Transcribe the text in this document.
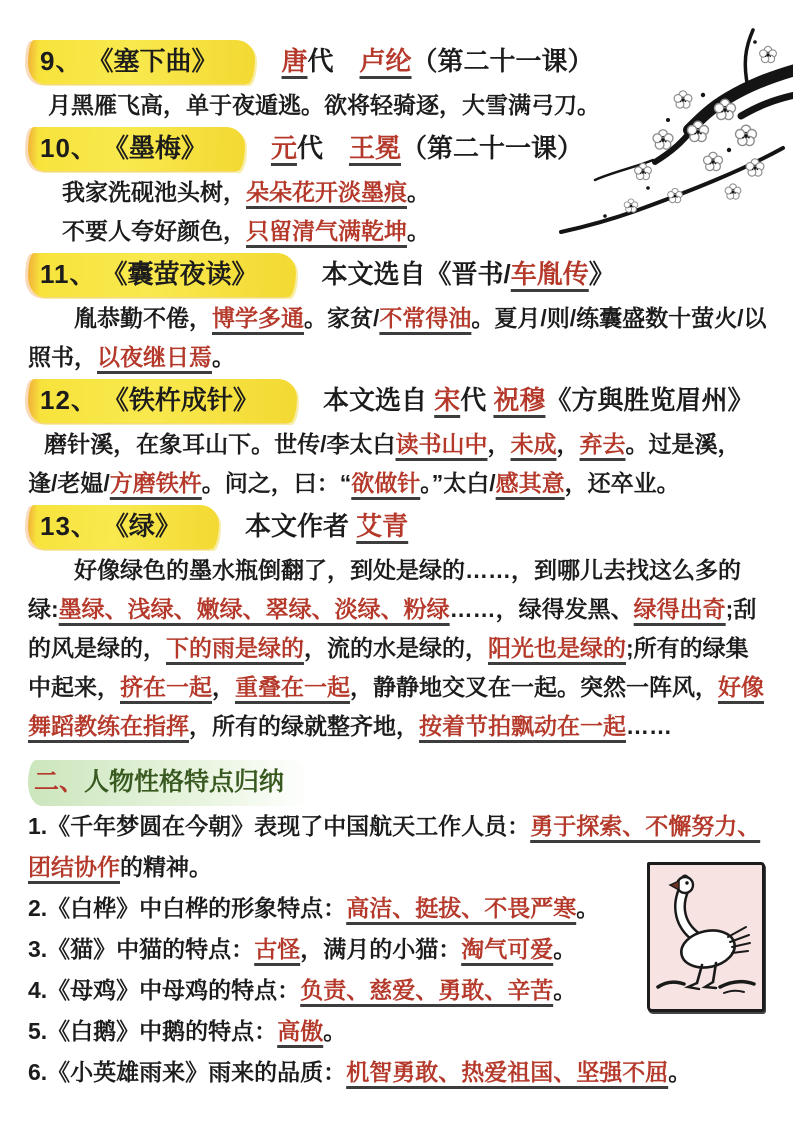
9、 《塞下曲》 唐代　卢纶（第二十一课）
月黑雁飞高，单于夜遁逃。欲将轻骑逐，大雪满弓刀。
10、 《墨梅》 元代　王冕（第二十一课）
我家洗砚池头树，朵朵花开淡墨痕。
不要人夸好颜色，只留清气满乾坤。
11、 《囊萤夜读》 本文选自《晋书/车胤传》
胤恭勤不倦，博学多通。家贫/不常得油。夏月/则/练囊盛数十萤火/以照书，以夜继日焉。
12、 《铁杵成针》 本文选自 宋代 祝穆《方與胜览眉州》
磨针溪，在象耳山下。世传/李太白读书山中，未成，弃去。过是溪，逢/老媪/方磨铁杵。问之，曰：“欲做针。”太白/感其意，还卒业。
13、 《绿》 本文作者 艾青
好像绿色的墨水瓶倒翻了，到处是绿的……，到哪儿去找这么多的绿:墨绿、浅绿、嫩绿、翠绿、淡绿、粉绿……，绿得发黑、绿得出奇;刮的风是绿的，下的雨是绿的，流的水是绿的，阳光也是绿的;所有的绿集中起来，挤在一起，重叠在一起，静静地交叉在一起。突然一阵风，好像舞蹈教练在指挥，所有的绿就整齐地，按着节拍飘动在一起……
二、人物性格特点归纳
1.《千年梦圆在今朝》表现了中国航天工作人员：勇于探索、不懈努力、团结协作的精神。
2.《白桦》中白桦的形象特点：高洁、挺拔、不畏严寒。
3.《猫》中猫的特点：古怪，满月的小猫：淘气可爱。
4.《母鸡》中母鸡的特点：负责、慈爱、勇敢、辛苦。
5.《白鹅》中鹅的特点：高傲。
6.《小英雄雨来》雨来的品质：机智勇敢、热爱祖国、坚强不屈。
